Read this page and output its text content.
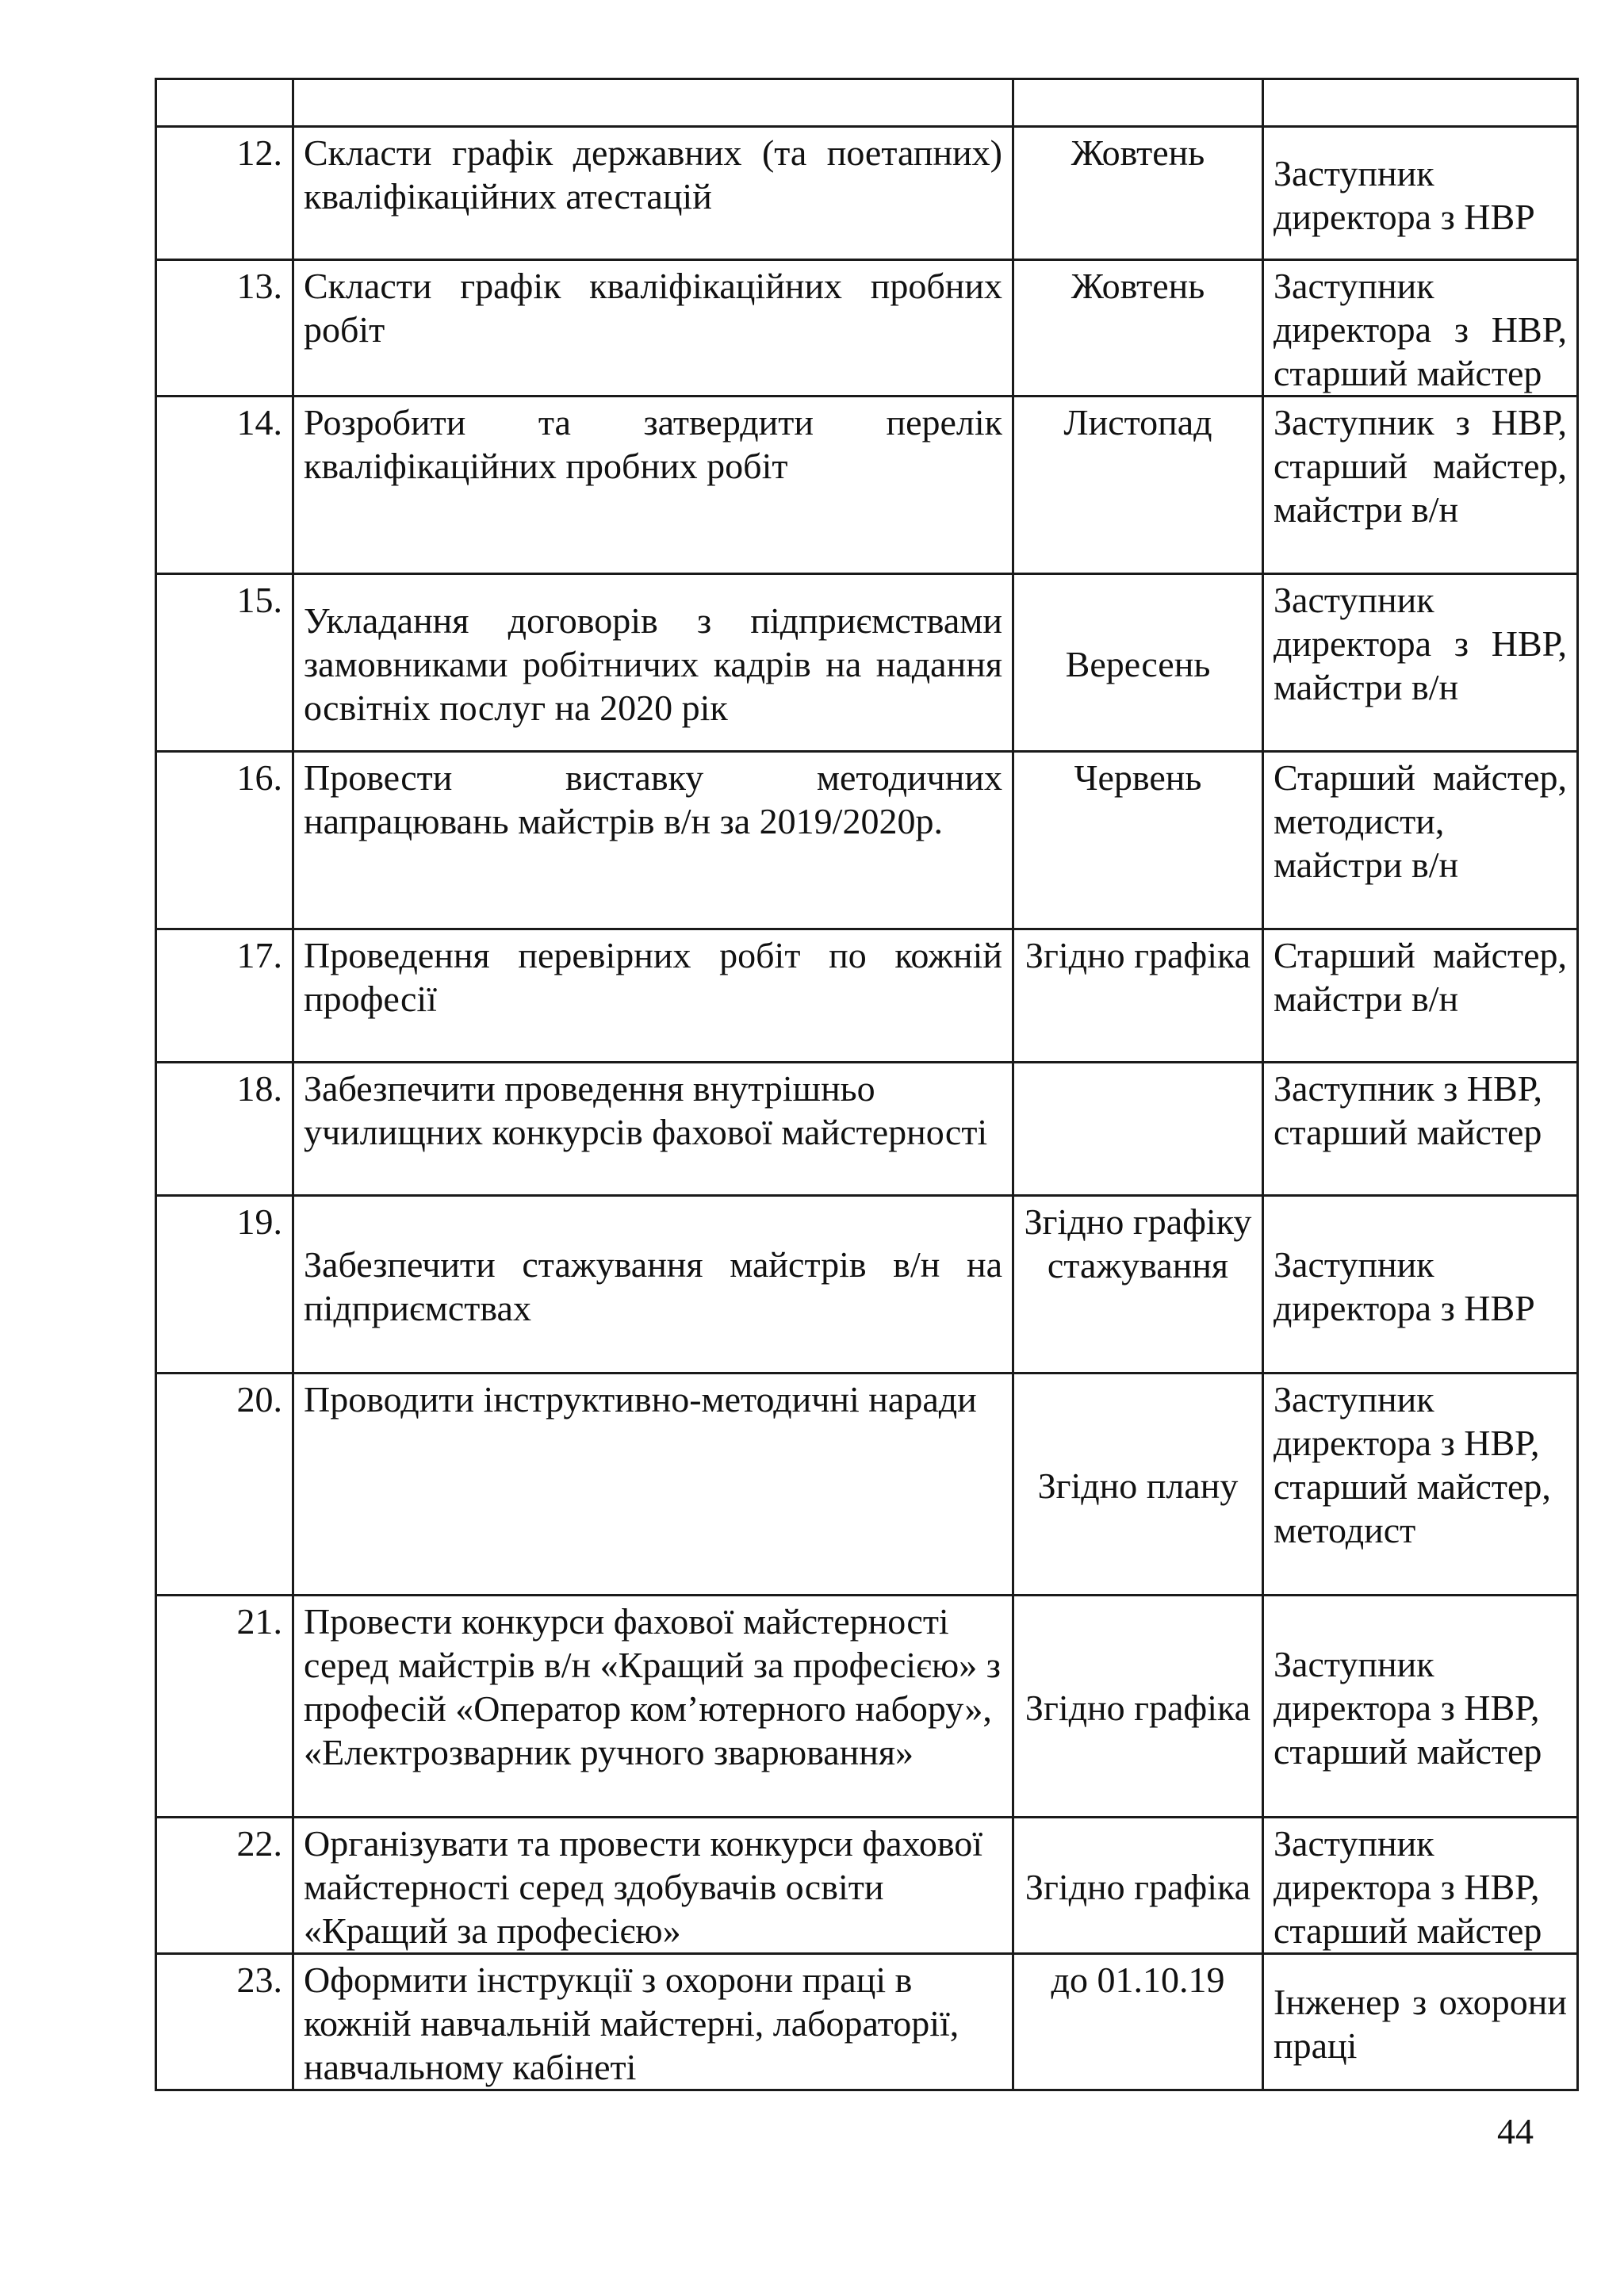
12.	Скласти графік державних (та поетапних) кваліфікаційних атестацій	Жовтень	Заступник директора з НВР
13.	Скласти графік кваліфікаційних пробних робіт	Жовтень	Заступник директора з НВР, старший майстер
14.	Розробити та затвердити перелік кваліфікаційних пробних робіт	Листопад	Заступник з НВР, старший майстер, майстри в/н
15.	Укладання договорів з підприємствами замовниками робітничих кадрів на надання освітніх послуг на 2020 рік	Вересень	Заступник директора з НВР, майстри в/н
16.	Провести виставку методичних напрацювань майстрів в/н за 2019/2020р.	Червень	Старший майстер, методисти, майстри в/н
17.	Проведення перевірних робіт по кожній професії	Згідно графіка	Старший майстер, майстри в/н
18.	Забезпечити проведення внутрішньо училищних конкурсів фахової майстерності		Заступник з НВР, старший майстер
19.	Забезпечити стажування майстрів в/н на підприємствах	Згідно графіку стажування	Заступник директора з НВР
20.	Проводити інструктивно-методичні наради	Згідно плану	Заступник директора з НВР, старший майстер, методист
21.	Провести конкурси фахової майстерності серед майстрів в/н «Кращий за професією» з професій «Оператор ком’ютерного набору», «Електрозварник ручного зварювання»	Згідно графіка	Заступник директора з НВР, старший майстер
22.	Організувати та провести конкурси фахової майстерності серед здобувачів освіти «Кращий за професією»	Згідно графіка	Заступник директора з НВР, старший майстер
23.	Оформити інструкції з охорони праці в кожній навчальній майстерні, лабораторії, навчальному кабінеті	до 01.10.19	Інженер з охорони праці
44
